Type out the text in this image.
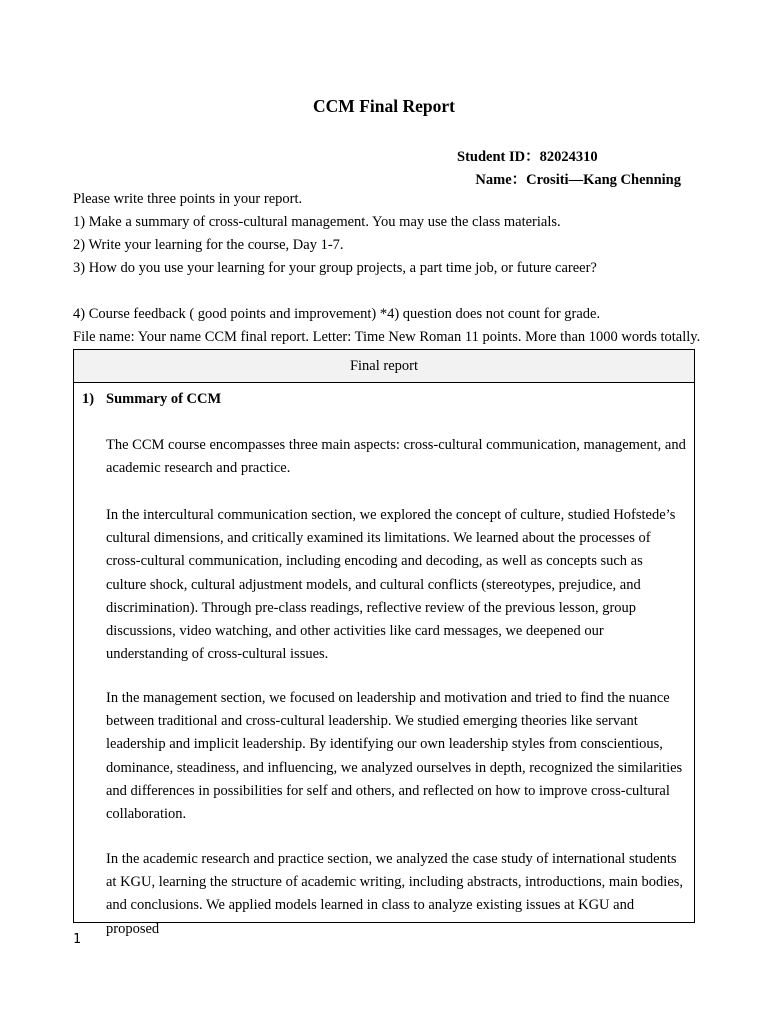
CCM Final Report
Student ID：82024310
Name：Crositi—Kang Chenning
Please write three points in your report.
1) Make a summary of cross-cultural management. You may use the class materials.
2) Write your learning for the course, Day 1-7.
3) How do you use your learning for your group projects, a part time job, or future career?
4) Course feedback ( good points and improvement) *4) question does not count for grade.
File name: Your name CCM final report. Letter: Time New Roman 11 points. More than 1000 words totally.
Final report
1) Summary of CCM

The CCM course encompasses three main aspects: cross-cultural communication, management, and academic research and practice.

In the intercultural communication section, we explored the concept of culture, studied Hofstede’s cultural dimensions, and critically examined its limitations. We learned about the processes of cross-cultural communication, including encoding and decoding, as well as concepts such as culture shock, cultural adjustment models, and cultural conflicts (stereotypes, prejudice, and discrimination). Through pre-class readings, reflective review of the previous lesson, group discussions, video watching, and other activities like card messages, we deepened our understanding of cross-cultural issues.

In the management section, we focused on leadership and motivation and tried to find the nuance between traditional and cross-cultural leadership. We studied emerging theories like servant leadership and implicit leadership. By identifying our own leadership styles from conscientious, dominance, steadiness, and influencing, we analyzed ourselves in depth, recognized the similarities and differences in possibilities for self and others, and reflected on how to improve cross-cultural collaboration.

In the academic research and practice section, we analyzed the case study of international students at KGU, learning the structure of academic writing, including abstracts, introductions, main bodies, and conclusions. We applied models learned in class to analyze existing issues at KGU and proposed

1
